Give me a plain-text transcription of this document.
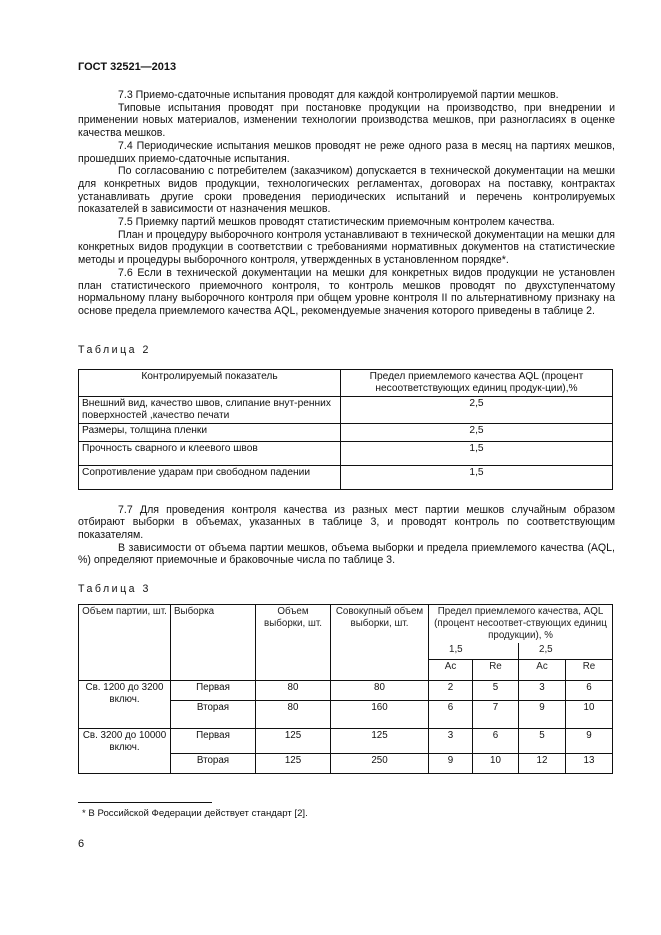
ГОСТ 32521—2013

7.3 Приемо-сдаточные испытания проводят для каждой контролируемой партии мешков.

Типовые испытания проводят при постановке продукции на производство, при внедрении и применении новых материалов, изменении технологии производства мешков, при разногласиях в оценке качества мешков.

7.4 Периодические испытания мешков проводят не реже одного раза в месяц на партиях мешков, прошедших приемо-сдаточные испытания.

По согласованию с потребителем (заказчиком) допускается в технической документации на мешки для конкретных видов продукции, технологических регламентах, договорах на поставку, контрактах устанавливать другие сроки проведения периодических испытаний и перечень контролируемых показателей в зависимости от назначения мешков.

7.5 Приемку партий мешков проводят статистическим приемочным контролем качества.

План и процедуру выборочного контроля устанавливают в технической документации на мешки для конкретных видов продукции в соответствии с требованиями нормативных документов на статистические методы и процедуры выборочного контроля, утвержденных в установленном порядке*.

7.6 Если в технической документации на мешки для конкретных видов продукции не установлен план статистического приемочного контроля, то контроль мешков проводят по двухступенчатому нормальному плану выборочного контроля при общем уровне контроля II по альтернативному признаку на основе предела приемлемого качества AQL, рекомендуемые значения которого приведены в таблице 2.

Таблица 2
Контролируемый показатель	Предел приемлемого качества AQL (процент несоответствующих единиц продук-ции),%
Внешний вид, качество швов, слипание внут-ренних поверхностей ,качество печати	2,5
Размеры, толщина пленки	2,5
Прочность сварного и клеевого швов	1,5
Сопротивление ударам при свободном падении	1,5

7.7 Для проведения контроля качества из разных мест партии мешков случайным образом отбирают выборки в объемах, указанных в таблице 3, и проводят контроль по соответствующим показателям.

В зависимости от объема партии мешков, объема выборки и предела приемлемого качества (AQL, %) определяют приемочные и браковочные числа по таблице 3.

Таблица 3
Объем партии, шт.	Выборка	Объем выборки, шт.	Совокупный объем выборки, шт.	Предел приемлемого качества, AQL (процент несоответ-ствующих единиц продукции), %			
				1,5		2,5	
				Ac	Re	Ac	Re
Св. 1200 до 3200 включ.	Первая	80	80	2	5	3	6
	Вторая	80	160	6	7	9	10
Св. 3200 до 10000 включ.	Первая	125	125	3	6	5	9
	Вторая	125	250	9	10	12	13
* В Российской Федерации действует стандарт [2].
6
